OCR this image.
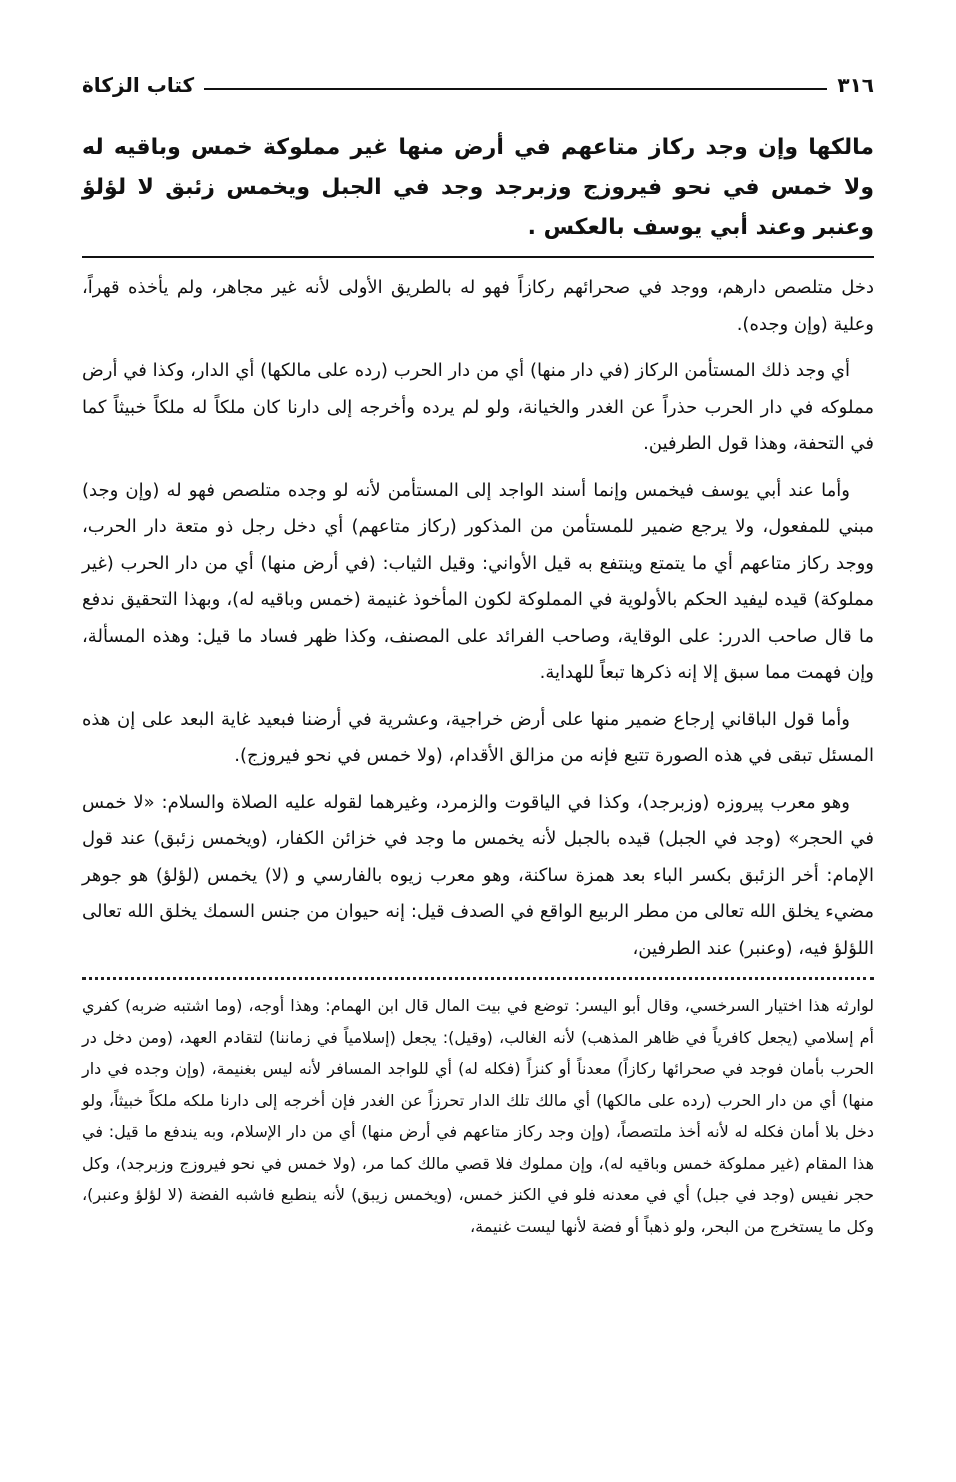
٣١٦
كتاب الزكاة

مالكها وإن وجد ركاز متاعهم في أرض منها غير مملوكة خمس وباقيه له ولا خمس في نحو فيروزج وزبرجد وجد في الجبل ويخمس زئبق لا لؤلؤ وعنبر وعند أبي يوسف بالعكس .

دخل متلصص دارهم، ووجد في صحرائهم ركازاً فهو له بالطريق الأولى لأنه غير مجاهر، ولم يأخذه قهراً، وعلية (وإن وجده).

أي وجد ذلك المستأمن الركاز (في دار منها) أي من دار الحرب (رده على مالكها) أي الدار، وكذا في أرض مملوكه في دار الحرب حذراً عن الغدر والخيانة، ولو لم يرده وأخرجه إلى دارنا كان ملكاً له ملكاً خبيثاً كما في التحفة، وهذا قول الطرفين.

وأما عند أبي يوسف فيخمس وإنما أسند الواجد إلى المستأمن لأنه لو وجده متلصص فهو له (وإن وجد) مبني للمفعول، ولا يرجع ضمير للمستأمن من المذكور (ركاز متاعهم) أي دخل رجل ذو متعة دار الحرب، ووجد ركاز متاعهم أي ما يتمتع وينتفع به قيل الأواني: وقيل الثياب: (في أرض منها) أي من دار الحرب (غير مملوكة) قيده ليفيد الحكم بالأولوية في المملوكة لكون المأخوذ غنيمة (خمس وباقيه له)، وبهذا التحقيق ندفع ما قال صاحب الدرر: على الوقاية، وصاحب الفرائد على المصنف، وكذا ظهر فساد ما قيل: وهذه المسألة، وإن فهمت مما سبق إلا إنه ذكرها تبعاً للهداية.

وأما قول الباقاني إرجاع ضمير منها على أرض خراجية، وعشرية في أرضنا فبعيد غاية البعد على إن هذه المسئل تبقى في هذه الصورة تتبع فإنه من مزالق الأقدام، (ولا خمس في نحو فيروزج).

وهو معرب پيروزه (وزبرجد)، وكذا في الياقوت والزمرد، وغيرهما لقوله عليه الصلاة والسلام: «لا خمس في الحجر» (وجد في الجبل) قيده بالجبل لأنه يخمس ما وجد في خزائن الكفار، (ويخمس زئبق) عند قول الإمام: أخر الزئبق بكسر الباء بعد همزة ساكنة، وهو معرب زيوه بالفارسي و (لا) يخمس (لؤلؤ) هو جوهر مضيء يخلق الله تعالى من مطر الربيع الواقع في الصدف قيل: إنه حيوان من جنس السمك يخلق الله تعالى اللؤلؤ فيه، (وعنبر) عند الطرفين،

لوارثه هذا اختيار السرخسي، وقال أبو اليسر: توضع في بيت المال قال ابن الهمام: وهذا أوجه، (وما اشتبه ضربه) كفري أم إسلامي (يجعل كافرياً في ظاهر المذهب) لأنه الغالب، (وقيل): يجعل (إسلامياً في زماننا) لتقادم العهد، (ومن دخل در الحرب بأمان فوجد في صحرائها ركازاً) معدناً أو كنزاً (فكله له) أي للواجد المسافر لأنه ليس بغنيمة، (وإن وجده في دار منها) أي من دار الحرب (رده على مالكها) أي مالك تلك الدار تحرزاً عن الغدر فإن أخرجه إلى دارنا ملكه ملكاً خبيثاً، ولو دخل بلا أمان فكله له لأنه أخذ ملتصصاً، (وإن وجد ركاز متاعهم في أرض منها) أي من دار الإسلام، وبه يندفع ما قيل: في هذا المقام (غير مملوكة خمس وباقيه له)، وإن مملوك فلا قصي مالك كما مر، (ولا خمس في نحو فيروزج وزبرجد)، وكل حجر نفيس (وجد في جبل) أي في معدنه فلو في الكنز خمس، (ويخمس زيبق) لأنه ينطبع فاشبه الفضة (لا لؤلؤ وعنبر)، وكل ما يستخرج من البحر، ولو ذهباً أو فضة لأنها ليست غنيمة،
